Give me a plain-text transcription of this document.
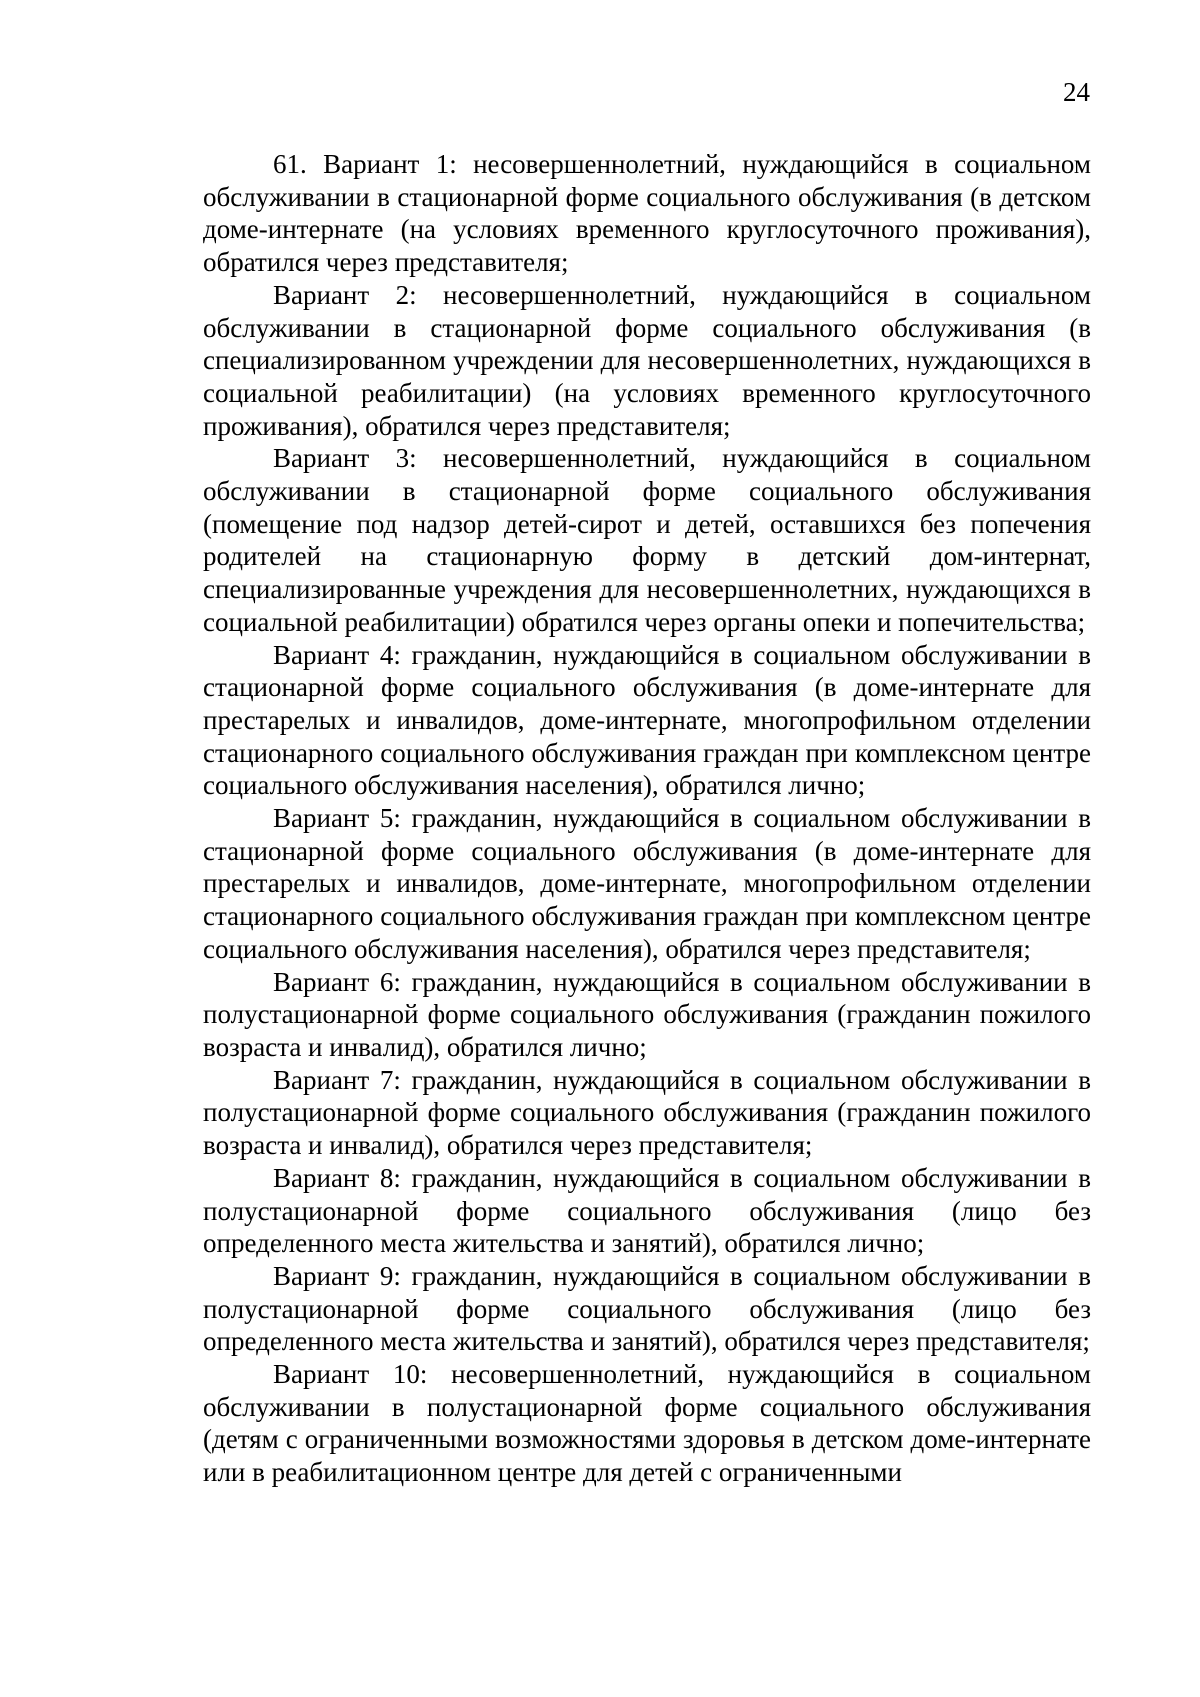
24

61. Вариант 1: несовершеннолетний, нуждающийся в социальном обслуживании в стационарной форме социального обслуживания (в детском доме-интернате (на условиях временного круглосуточного проживания), обратился через представителя;

Вариант 2: несовершеннолетний, нуждающийся в социальном обслуживании в стационарной форме социального обслуживания (в специализированном учреждении для несовершеннолетних, нуждающихся в социальной реабилитации) (на условиях временного круглосуточного проживания), обратился через представителя;

Вариант 3: несовершеннолетний, нуждающийся в социальном обслуживании в стационарной форме социального обслуживания (помещение под надзор детей-сирот и детей, оставшихся без попечения родителей на стационарную форму в детский дом-интернат, специализированные учреждения для несовершеннолетних, нуждающихся в социальной реабилитации) обратился через органы опеки и попечительства;

Вариант 4: гражданин, нуждающийся в социальном обслуживании в стационарной форме социального обслуживания (в доме-интернате для престарелых и инвалидов, доме-интернате, многопрофильном отделении стационарного социального обслуживания граждан при комплексном центре социального обслуживания населения), обратился лично;

Вариант 5: гражданин, нуждающийся в социальном обслуживании в стационарной форме социального обслуживания (в доме-интернате для престарелых и инвалидов, доме-интернате, многопрофильном отделении стационарного социального обслуживания граждан при комплексном центре социального обслуживания населения), обратился через представителя;

Вариант 6: гражданин, нуждающийся в социальном обслуживании в полустационарной форме социального обслуживания (гражданин пожилого возраста и инвалид), обратился лично;

Вариант 7: гражданин, нуждающийся в социальном обслуживании в полустационарной форме социального обслуживания (гражданин пожилого возраста и инвалид), обратился через представителя;

Вариант 8: гражданин, нуждающийся в социальном обслуживании в полустационарной форме социального обслуживания (лицо без определенного места жительства и занятий), обратился лично;

Вариант 9: гражданин, нуждающийся в социальном обслуживании в полустационарной форме социального обслуживания (лицо без определенного места жительства и занятий), обратился через представителя;

Вариант 10: несовершеннолетний, нуждающийся в социальном обслуживании в полустационарной форме социального обслуживания (детям с ограниченными возможностями здоровья в детском доме-интернате или в реабилитационном центре для детей с ограниченными
